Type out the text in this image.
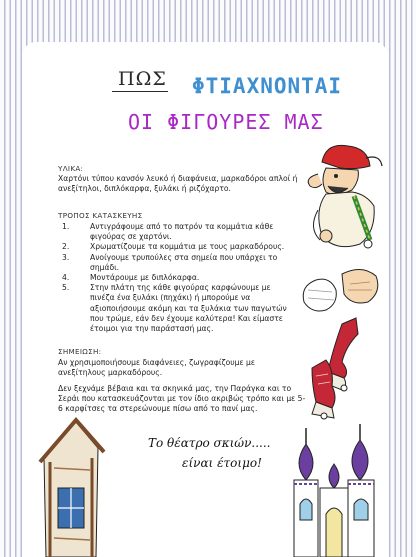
ΠΩΣ ΦΤΙΑΧΝΟΝΤΑΙ
ΟΙ ΦΙΓΟΥΡΕΣ ΜΑΣ
ΥΛΙΚΑ:
Χαρτόνι τύπου κανσόν λευκό ή διαφάνεια, μαρκαδόροι απλοί ή ανεξίτηλοι, διπλόκαρφα, ξυλάκι ή ριζόχαρτο.
ΤΡΟΠΟΣ ΚΑΤΑΣΚΕΥΗΣ
1.	Αντιγράφουμε από το πατρόν τα κομμάτια κάθε φιγούρας σε χαρτόνι.
2.	Χρωματίζουμε τα κομμάτια με τους μαρκαδόρους.
3.	Ανοίγουμε τρυπούλες στα σημεία που υπάρχει το σημάδι.
4.	Μοντάρουμε με διπλόκαρφα.
5.	Στην πλάτη της κάθε φιγούρας καρφώνουμε με πινέζα ένα ξυλάκι (πηχάκι) ή μπορούμε να αξιοποιήσουμε ακόμη και τα ξυλάκια των παγωτών που τρώμε, εάν δεν έχουμε καλύτερα! Και είμαστε έτοιμοι για την παράστασή μας.
ΣΗΜΕΙΩΣΗ:
Αν χρησιμοποιήσουμε διαφάνειες, ζωγραφίζουμε με ανεξίτηλους μαρκαδόρους.
Δεν ξεχνάμε βέβαια και τα σκηνικά μας, την Παράγκα και το Σεράι που κατασκευάζονται με τον ίδιο ακριβώς τρόπο και με 5-6 καρφίτσες τα στερεώνουμε πίσω από το πανί μας.
Το θέατρο σκιών.....
είναι έτοιμο!
